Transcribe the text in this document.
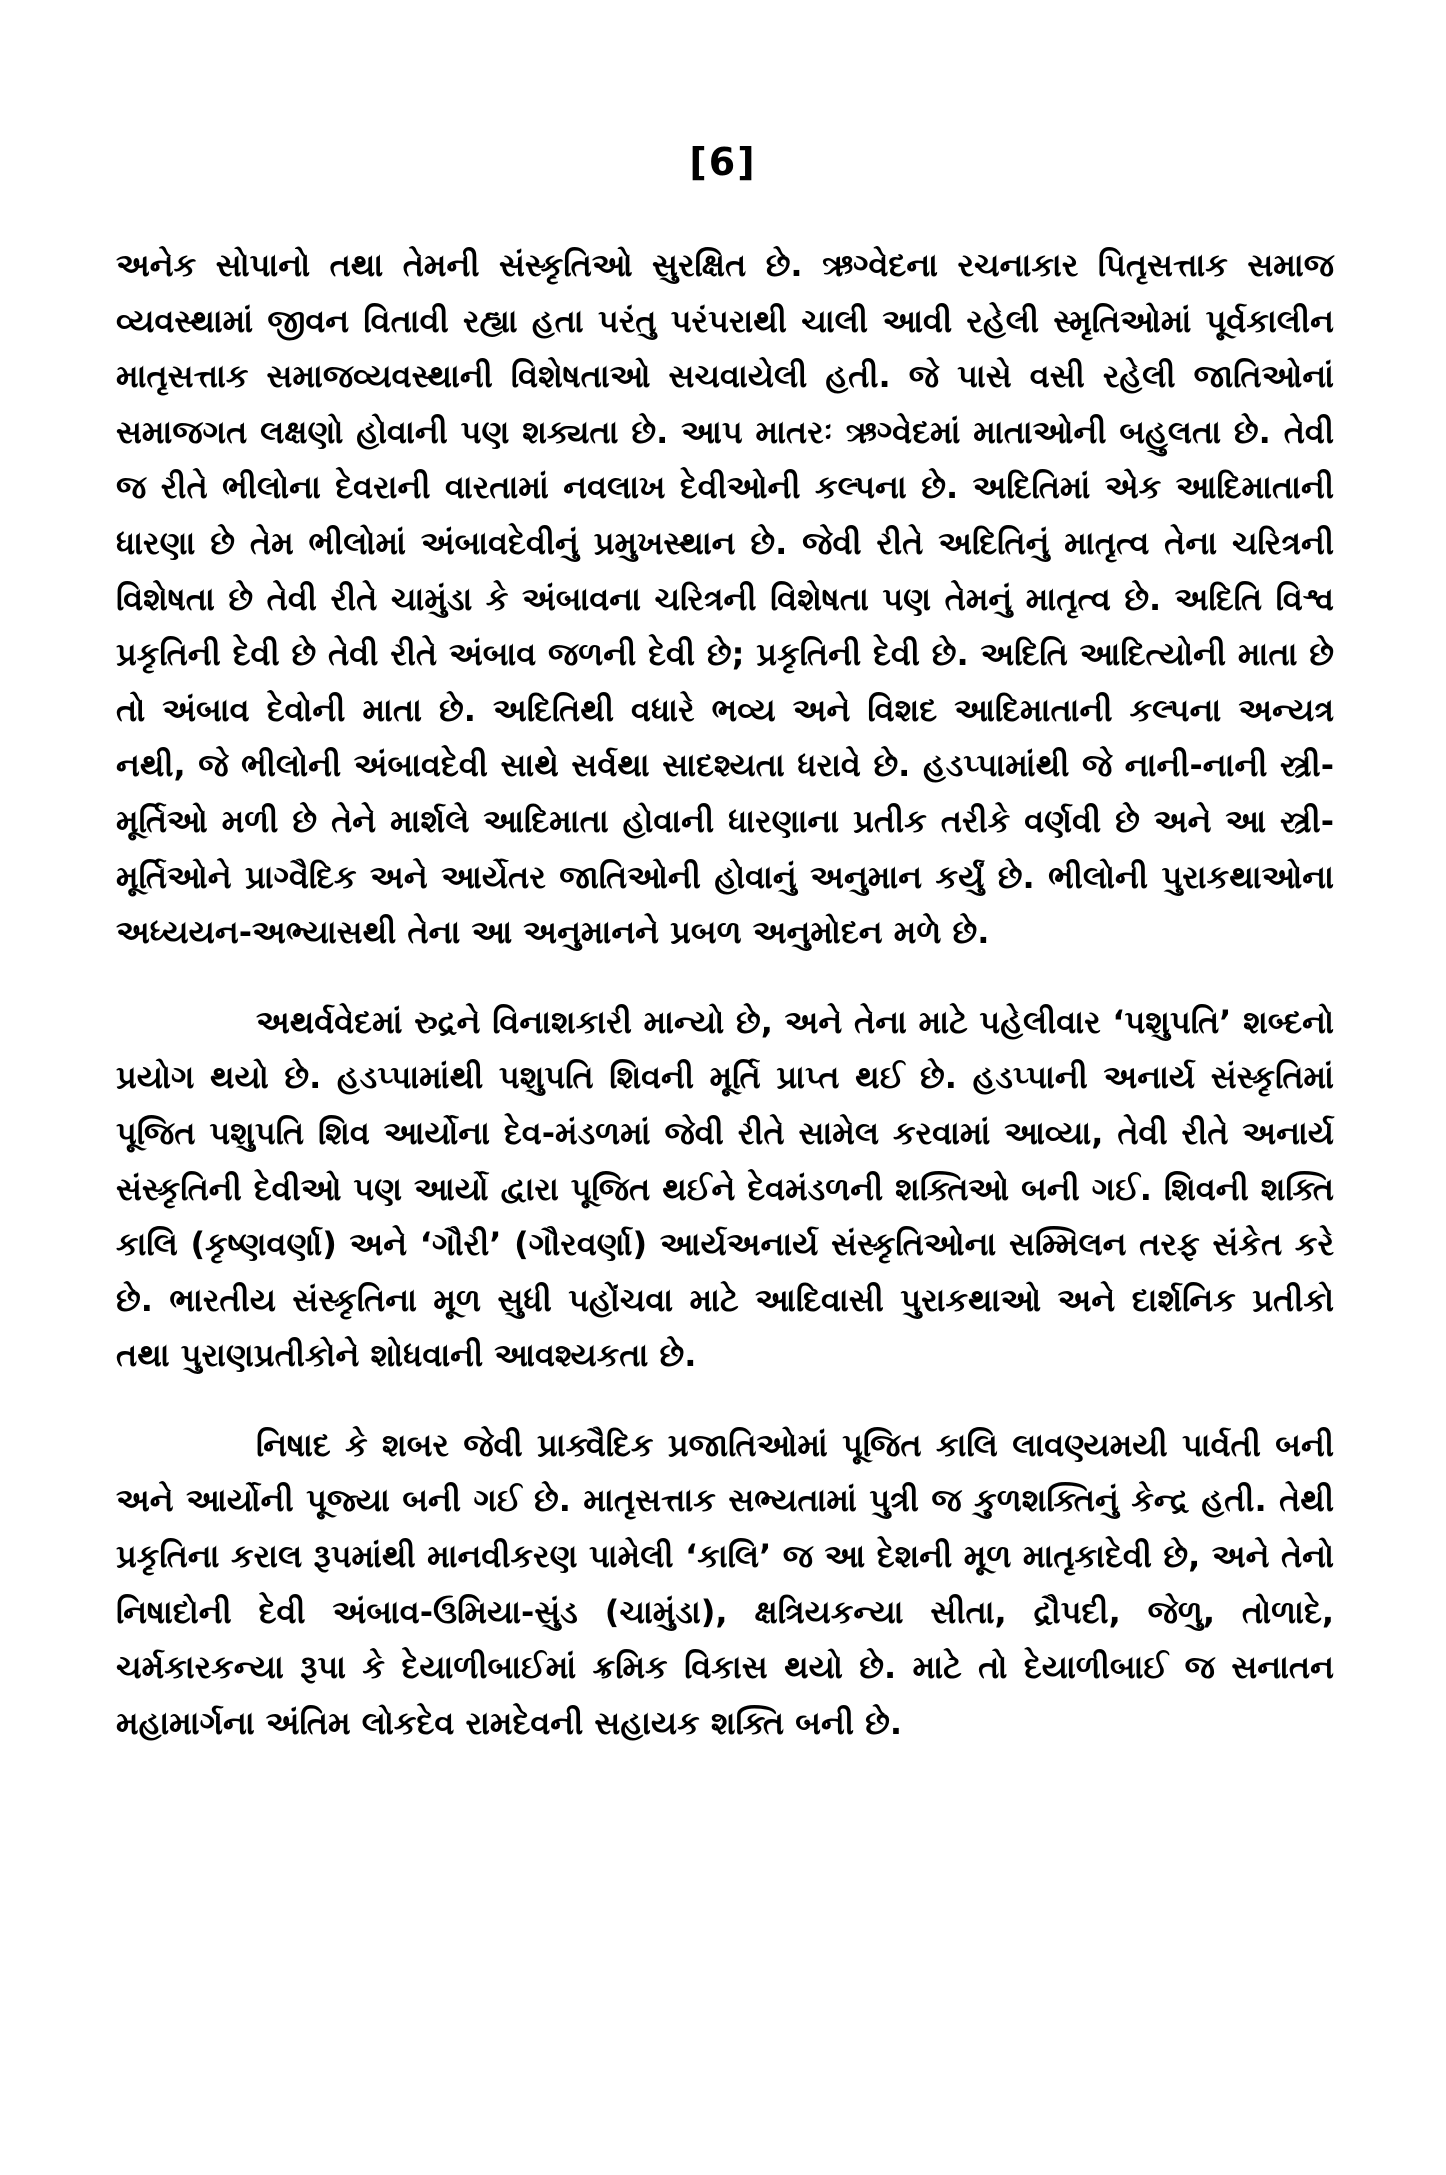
[6]

અનેક સોપાનો તથા તેમની સંસ્કૃતિઓ સુરક્ષિત છે. ઋગ્વેદના રચનાકાર પિતૃસત્તાક સમાજ વ્યવસ્થામાં જીવન વિતાવી રહ્યા હતા પરંતુ પરંપરાથી ચાલી આવી રહેલી સ્મૃતિઓમાં પૂર્વકાલીન માતૃસત્તાક સમાજવ્યવસ્થાની વિશેષતાઓ સચવાયેલી હતી. જે પાસે વસી રહેલી જાતિઓનાં સમાજગત લક્ષણો હોવાની પણ શક્યતા છે. આપ માતરઃ ઋગ્વેદમાં માતાઓની બહુલતા છે. તેવી જ રીતે ભીલોના દેવરાની વારતામાં નવલાખ દેવીઓની કલ્પના છે. અદિતિમાં એક આદિમાતાની ધારણા છે તેમ ભીલોમાં અંબાવદેવીનું પ્રમુખસ્થાન છે. જેવી રીતે અદિતિનું માતૃત્વ તેના ચરિત્રની વિશેષતા છે તેવી રીતે ચામુંડા કે અંબાવના ચરિત્રની વિશેષતા પણ તેમનું માતૃત્વ છે. અદિતિ વિશ્વ પ્રકૃતિની દેવી છે તેવી રીતે અંબાવ જળની દેવી છે; પ્રકૃતિની દેવી છે. અદિતિ આદિત્યોની માતા છે તો અંબાવ દેવોની માતા છે. અદિતિથી વધારે ભવ્ય અને વિશદ આદિમાતાની કલ્પના અન્યત્ર નથી, જે ભીલોની અંબાવદેવી સાથે સર્વથા સાદશ્યતા ધરાવે છે. હડપ્પામાંથી જે નાની-નાની સ્ત્રી-મૂર્તિઓ મળી છે તેને માર્શલે આદિમાતા હોવાની ધારણાના પ્રતીક તરીકે વર્ણવી છે અને આ સ્ત્રી-મૂર્તિઓને પ્રાગ્વૈદિક અને આર્યેતર જાતિઓની હોવાનું અનુમાન કર્યું છે. ભીલોની પુરાકથાઓના અધ્યયન-અભ્યાસથી તેના આ અનુમાનને પ્રબળ અનુમોદન મળે છે.

અથર્વવેદમાં રુદ્રને વિનાશકારી માન્યો છે, અને તેના માટે પહેલીવાર ‘પશુપતિ’ શબ્દનો પ્રયોગ થયો છે. હડપ્પામાંથી પશુપતિ શિવની મૂર્તિ પ્રાપ્ત થઈ છે. હડપ્પાની અનાર્ય સંસ્કૃતિમાં પૂજિત પશુપતિ શિવ આર્યોના દેવ-મંડળમાં જેવી રીતે સામેલ કરવામાં આવ્યા, તેવી રીતે અનાર્ય સંસ્કૃતિની દેવીઓ પણ આર્યો દ્વારા પૂજિત થઈને દેવમંડળની શક્તિઓ બની ગઈ. શિવની શક્તિ કાલિ (કૃષ્ણવર્ણા) અને ‘ગૌરી’ (ગૌરવર્ણા) આર્યઅનાર્ય સંસ્કૃતિઓના સમ્મિલન તરફ સંકેત કરે છે. ભારતીય સંસ્કૃતિના મૂળ સુધી પહોંચવા માટે આદિવાસી પુરાકથાઓ અને દાર્શનિક પ્રતીકો તથા પુરાણપ્રતીકોને શોધવાની આવશ્યકતા છે.

નિષાદ કે શબર જેવી પ્રાક્વૈદિક પ્રજાતિઓમાં પૂજિત કાલિ લાવણ્યમયી પાર્વતી બની અને આર્યોની પૂજ્યા બની ગઈ છે. માતૃસત્તાક સભ્યતામાં પુત્રી જ કુળશક્તિનું કેન્દ્ર હતી. તેથી પ્રકૃતિના કરાલ રૂપમાંથી માનવીકરણ પામેલી ‘કાલિ’ જ આ દેશની મૂળ માતૃકાદેવી છે, અને તેનો નિષાદોની દેવી અંબાવ-ઉમિયા-સુંડ (ચામુંડા), ક્ષત્રિયકન્યા સીતા, દ્રૌપદી, જેળુ, તોળાદે, ચર્મકારકન્યા રૂપા કે દેયાળીબાઈમાં ક્રમિક વિકાસ થયો છે. માટે તો દેયાળીબાઈ જ સનાતન મહામાર્ગના અંતિમ લોકદેવ રામદેવની સહાયક શક્તિ બની છે.
